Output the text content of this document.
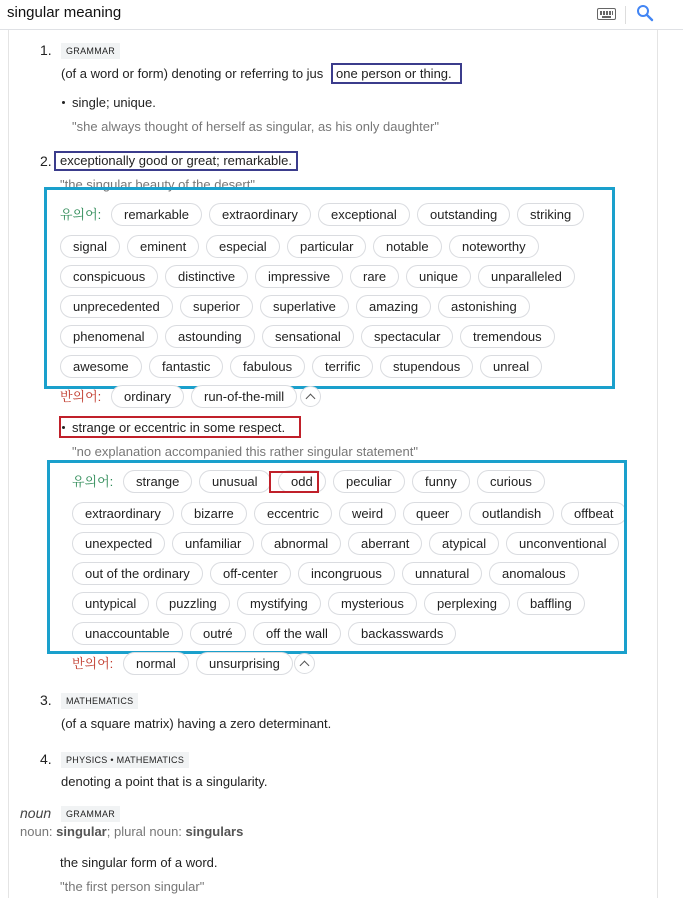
singular meaning
1.	GRAMMAR
(of a word or form) denoting or referring to jus one person or thing.
single; unique.
"she always thought of herself as singular, as his only daughter"
2. exceptionally good or great; remarkable.
"the singular beauty of the desert"
유의어:	remarkable	extraordinary	exceptional	outstanding	striking
signal	eminent	especial	particular	notable	noteworthy
conspicuous	distinctive	impressive	rare	unique	unparalleled
unprecedented	superior	superlative	amazing	astonishing
phenomenal	astounding	sensational	spectacular	tremendous
awesome	fantastic	fabulous	terrific	stupendous	unreal
반의어:	ordinary	run-of-the-mill
strange or eccentric in some respect.
"no explanation accompanied this rather singular statement"
유의어:	strange	unusual	odd	peculiar	funny	curious
extraordinary	bizarre	eccentric	weird	queer	outlandish	offbeat
unexpected	unfamiliar	abnormal	aberrant	atypical	unconventional
out of the ordinary	off-center	incongruous	unnatural	anomalous
untypical	puzzling	mystifying	mysterious	perplexing	baffling
unaccountable	outré	off the wall	backasswards
반의어:	normal	unsurprising
3.	MATHEMATICS
(of a square matrix) having a zero determinant.
4.	PHYSICS • MATHEMATICS
denoting a point that is a singularity.
noun	GRAMMAR
noun: singular; plural noun: singulars
the singular form of a word.
"the first person singular"
